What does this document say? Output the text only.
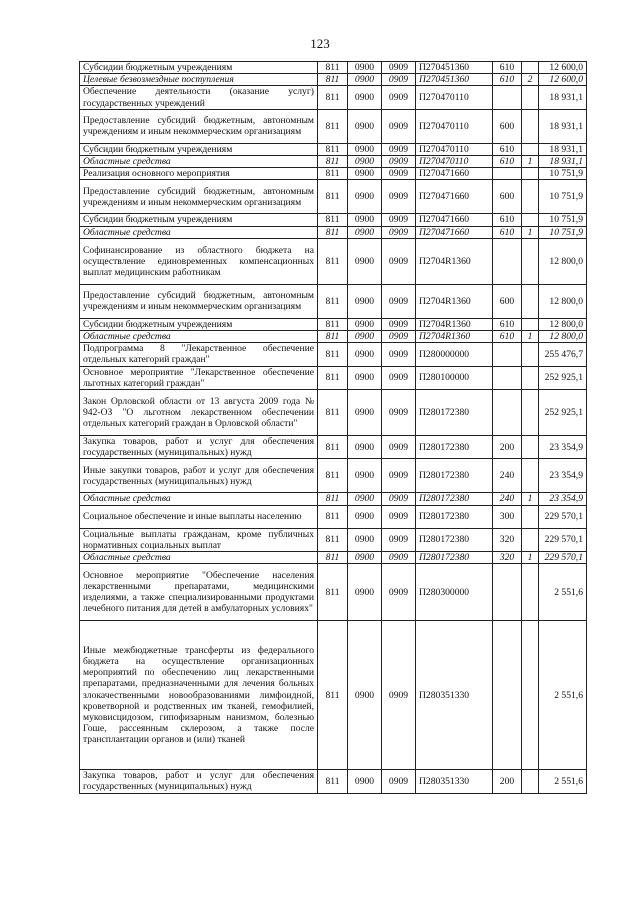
123
Субсидии бюджетным учреждениям	811	0900	0909	П270451360	610		12 600,0
Целевые безвозмездные поступления	811	0900	0909	П270451360	610	2	12 600,0
Обеспечение деятельности (оказание услуг) государственных учреждений	811	0900	0909	П270470110			18 931,1
Предоставление субсидий бюджетным, автономным учреждениям и иным некоммерческим организациям	811	0900	0909	П270470110	600		18 931,1
Субсидии бюджетным учреждениям	811	0900	0909	П270470110	610		18 931,1
Областные средства	811	0900	0909	П270470110	610	1	18 931,1
Реализация основного мероприятия	811	0900	0909	П270471660			10 751,9
Предоставление субсидий бюджетным, автономным учреждениям и иным некоммерческим организациям	811	0900	0909	П270471660	600		10 751,9
Субсидии бюджетным учреждениям	811	0900	0909	П270471660	610		10 751,9
Областные средства	811	0900	0909	П270471660	610	1	10 751,9
Софинансирование из областного бюджета на осуществление единовременных компенсационных выплат медицинским работникам	811	0900	0909	П2704R1360			12 800,0
Предоставление субсидий бюджетным, автономным учреждениям и иным некоммерческим организациям	811	0900	0909	П2704R1360	600		12 800,0
Субсидии бюджетным учреждениям	811	0900	0909	П2704R1360	610		12 800,0
Областные средства	811	0900	0909	П2704R1360	610	1	12 800,0
Подпрограмма 8 "Лекарственное обеспечение отдельных категорий граждан"	811	0900	0909	П280000000			255 476,7
Основное мероприятие "Лекарственное обеспечение льготных категорий граждан"	811	0900	0909	П280100000			252 925,1
Закон Орловской области от 13 августа 2009 года № 942-ОЗ "О льготном лекарственном обеспечении отдельных категорий граждан в Орловской области"	811	0900	0909	П280172380			252 925,1
Закупка товаров, работ и услуг для обеспечения государственных (муниципальных) нужд	811	0900	0909	П280172380	200		23 354,9
Иные закупки товаров, работ и услуг для обеспечения государственных (муниципальных) нужд	811	0900	0909	П280172380	240		23 354,9
Областные средства	811	0900	0909	П280172380	240	1	23 354,9
Социальное обеспечение и иные выплаты населению	811	0900	0909	П280172380	300		229 570,1
Социальные выплаты гражданам, кроме публичных нормативных социальных выплат	811	0900	0909	П280172380	320		229 570,1
Областные средства	811	0900	0909	П280172380	320	1	229 570,1
Основное мероприятие "Обеспечение населения лекарственными препаратами, медицинскими изделиями, а также специализированными продуктами лечебного питания для детей в амбулаторных условиях"	811	0900	0909	П280300000			2 551,6
Иные межбюджетные трансферты из федерального бюджета на осуществление организационных мероприятий по обеспечению лиц лекарственными препаратами, предназначенными для лечения больных злокачественными новообразованиями лимфоидной, кроветворной и родственных им тканей, гемофилией, муковисцидозом, гипофизарным нанизмом, болезнью Гоше, рассеянным склерозом, а также после трансплантации органов и (или) тканей	811	0900	0909	П280351330			2 551,6
Закупка товаров, работ и услуг для обеспечения государственных (муниципальных) нужд	811	0900	0909	П280351330	200		2 551,6
